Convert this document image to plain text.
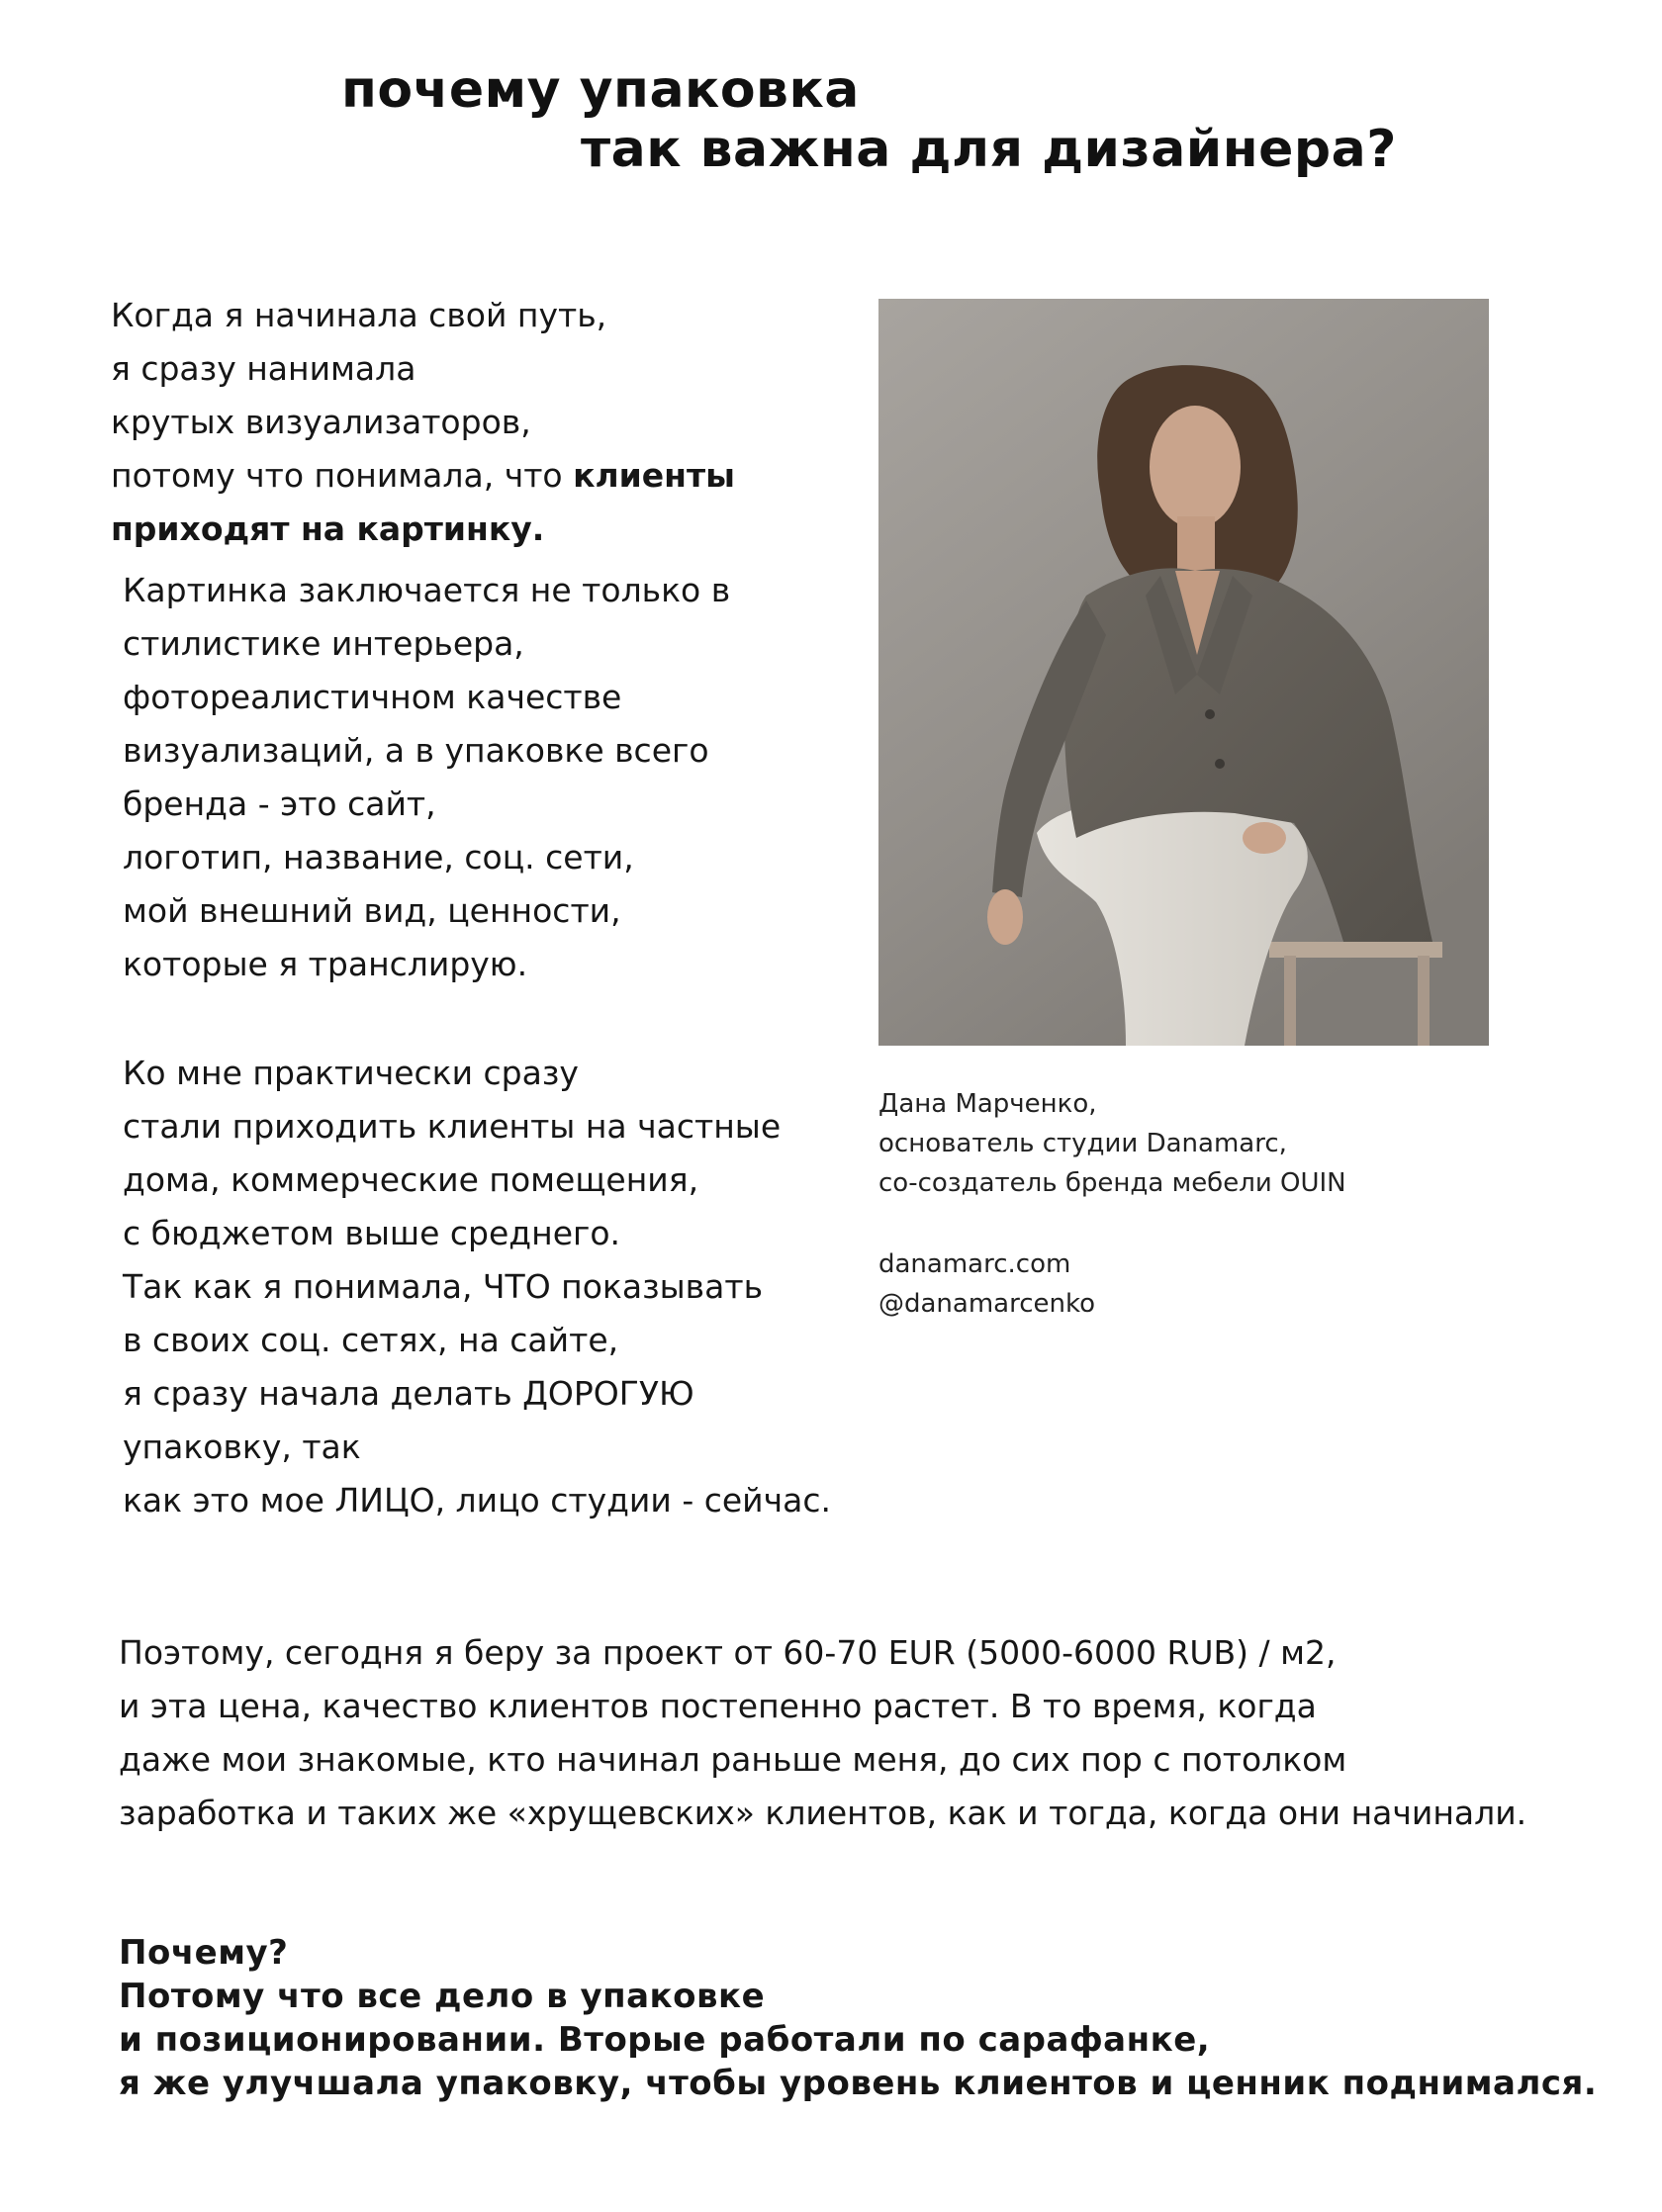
почему упаковка
так важна для дизайнера?
Когда я начинала свой путь,
я сразу нанимала
крутых визуализаторов,
потому что понимала, что клиенты
приходят на картинку.
Картинка заключается не только в
стилистике интерьера,
фотореалистичном качестве
визуализаций, а в упаковке всего
бренда - это сайт,
логотип, название, соц. сети,
мой внешний вид, ценности,
которые я транслирую.
Ко мне практически сразу
стали приходить клиенты на частные
дома, коммерческие помещения,
с бюджетом выше среднего.
Так как я понимала, ЧТО показывать
в своих соц. сетях, на сайте,
я сразу начала делать ДОРОГУЮ
упаковку, так
как это мое ЛИЦО, лицо студии - сейчас.
Дана Марченко,
основатель студии Danamarc,
со-создатель бренда мебели OUIN
danamarc.com
@danamarcenko
Поэтому, сегодня я беру за проект от 60-70 EUR (5000-6000 RUB) / м2,
и эта цена, качество клиентов постепенно растет. В то время, когда
даже мои знакомые, кто начинал раньше меня, до сих пор с потолком
заработка и таких же «хрущевских» клиентов, как и тогда, когда они начинали.
Почему?
Потому что все дело в упаковке
и позиционировании. Вторые работали по сарафанке,
я же улучшала упаковку, чтобы уровень клиентов и ценник поднимался.
